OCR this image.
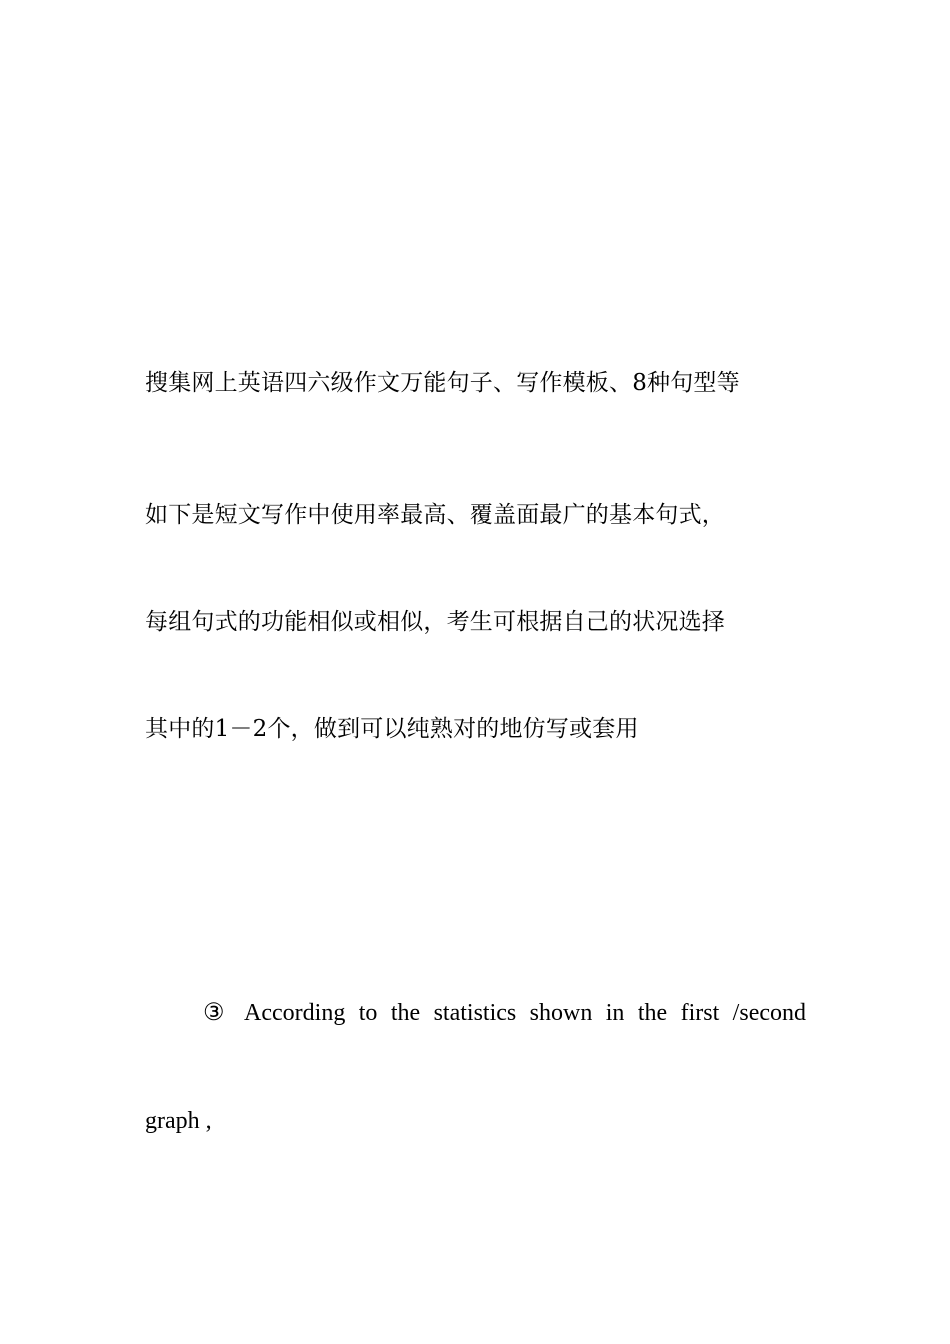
搜集网上英语四六级作文万能句子、写作模板、8种句型等
如下是短文写作中使用率最高、覆盖面最广的基本句式，
每组句式的功能相似或相似，考生可根据自己的状况选择
其中的1－2个，做到可以纯熟对的地仿写或套用
③ According to the statistics shown in the first /second
graph ,
